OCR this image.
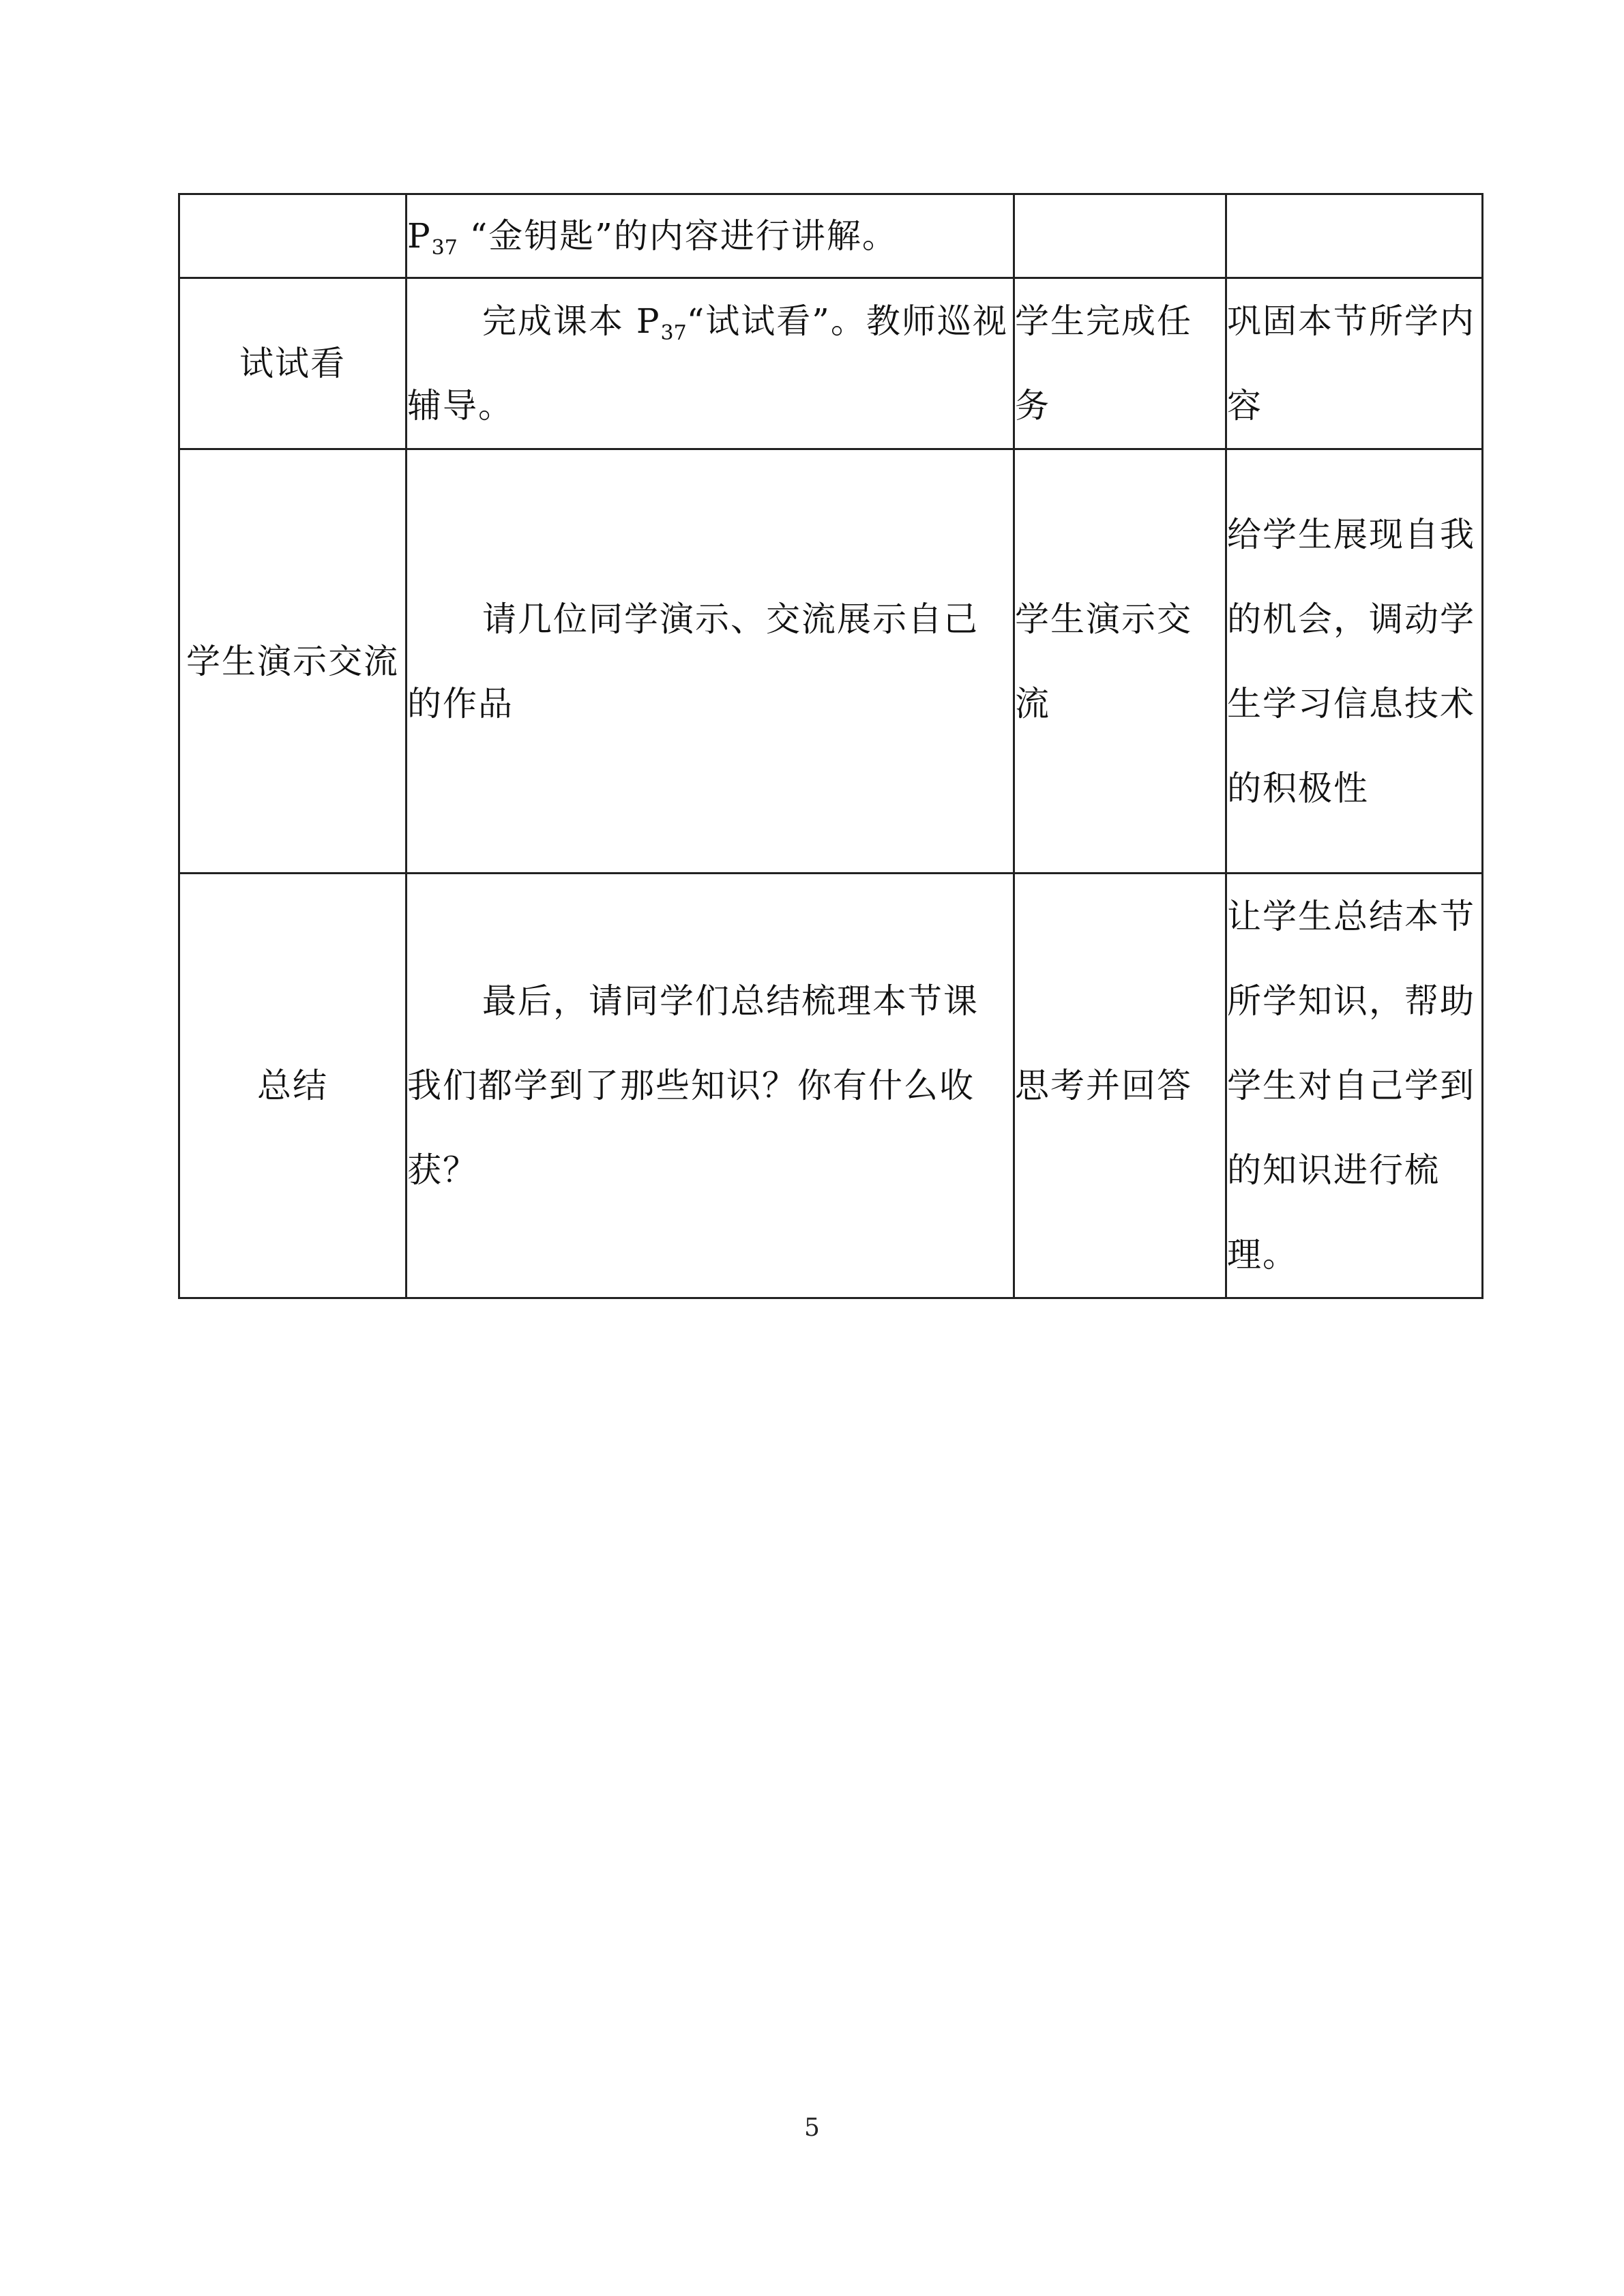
	$P_{37}$ “金钥匙”的内容进行讲解。		
试试看	完成课本 $P_{37}“$试试看”。教师巡视辅导。	学生完成任务	巩固本节所学内容
学生演示交流	请几位同学演示、交流展示自己的作品	学生演示交流	给学生展现自我的机会，调动学生学习信息技术的积极性
总结	最后，请同学们总结梳理本节课我们都学到了那些知识？你有什么收获？	思考并回答	让学生总结本节所学知识，帮助学生对自己学到的知识进行梳理。
5
